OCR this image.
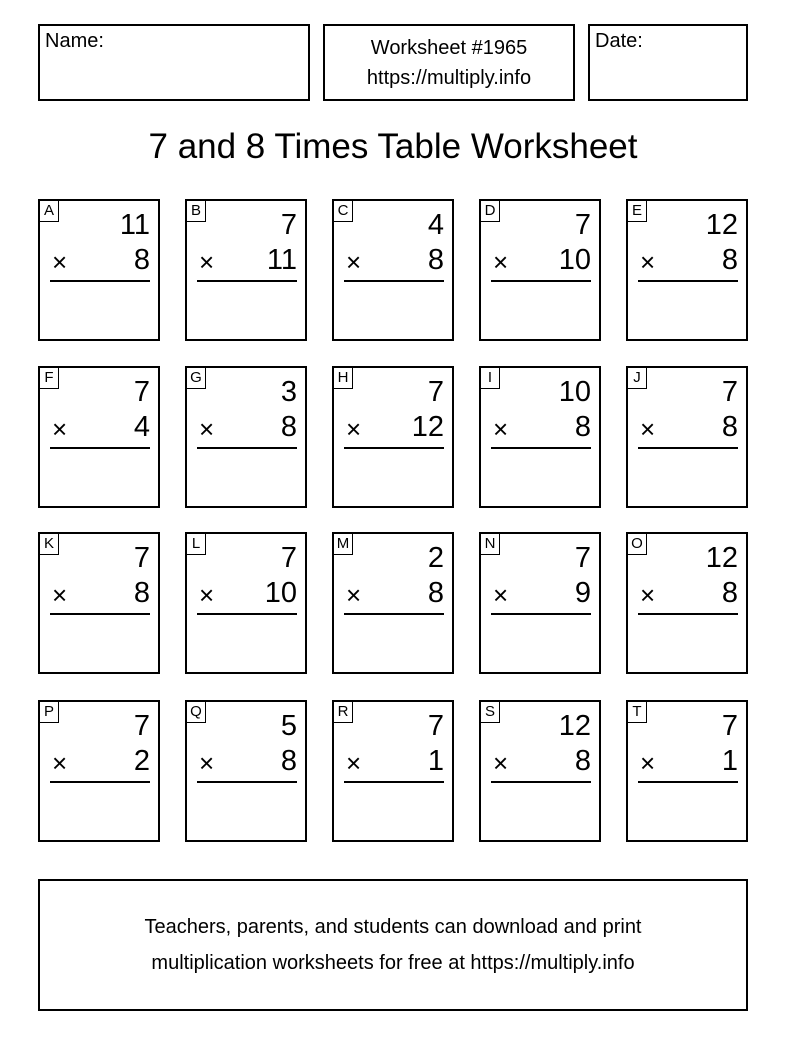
Name:	Worksheet #1965
https://multiply.info
Date:
7 and 8 Times Table Worksheet
A 11
× 8
B	7
× 11
C	4
× 8
D	7
× 10
E 12
× 8
F	7
× 4
G	3
× 8
H	7
× 12
I 10
× 8
J	7
× 8
K	7
× 8
L	7
× 10
M	2
× 8
N	7
× 9
O 12
× 8
P	7
× 2
Q	5
× 8
R	7
× 1
S 12
× 8
T	7
× 1
Teachers, parents, and students can download and print
multiplication worksheets for free at https://multiply.info
